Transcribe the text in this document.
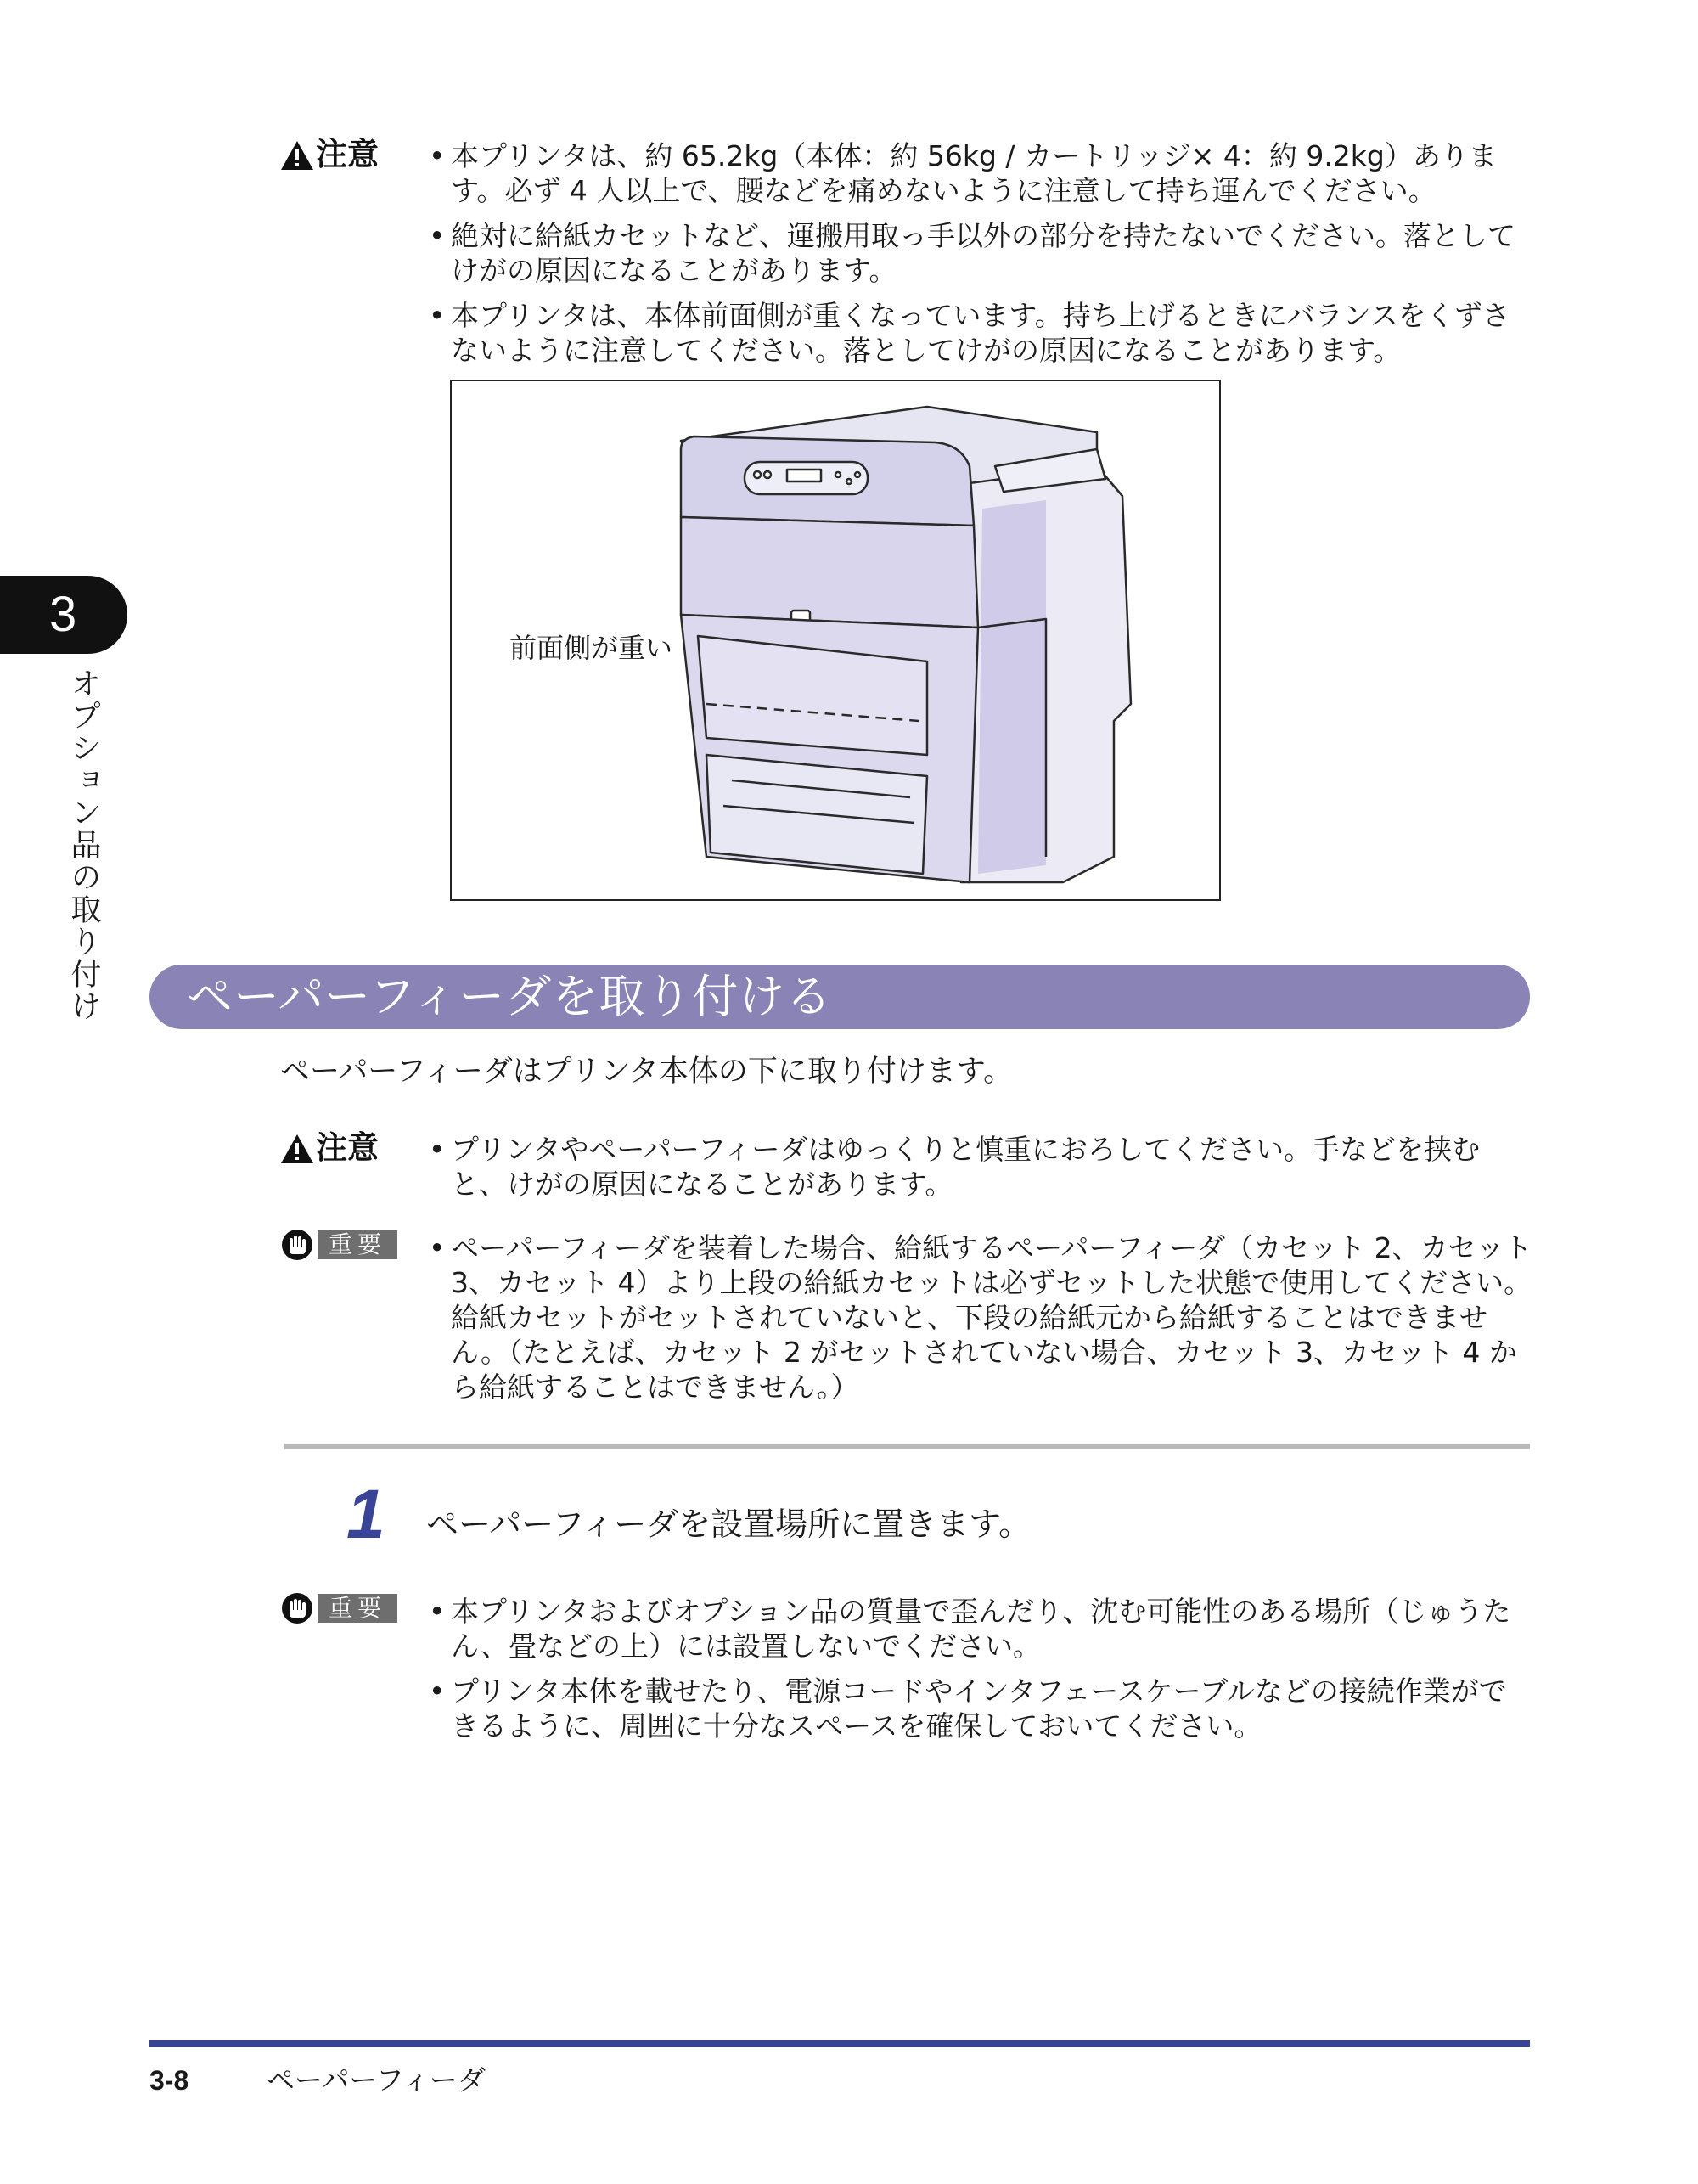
3
オプション品の取り付け
注意	• 本プリンタは、約 65.2kg（本体：約 56kg / カートリッジ× 4：約 9.2kg）あります。必ず 4 人以上で、腰などを痛めないように注意して持ち運んでください。
• 絶対に給紙カセットなど、運搬用取っ手以外の部分を持たないでください。落としてけがの原因になることがあります。
• 本プリンタは、本体前面側が重くなっています。持ち上げるときにバランスをくずさないように注意してください。落としてけがの原因になることがあります。
前面側が重い
ペーパーフィーダを取り付ける
ペーパーフィーダはプリンタ本体の下に取り付けます。
注意	• プリンタやペーパーフィーダはゆっくりと慎重におろしてください。手などを挟むと、けがの原因になることがあります。
重要	• ペーパーフィーダを装着した場合、給紙するペーパーフィーダ（カセット 2、カセット 3、カセット 4）より上段の給紙カセットは必ずセットした状態で使用してください。給紙カセットがセットされていないと、下段の給紙元から給紙することはできません。（たとえば、カセット 2 がセットされていない場合、カセット 3、カセット 4 から給紙することはできません。）
1 ペーパーフィーダを設置場所に置きます。
重要	• 本プリンタおよびオプション品の質量で歪んだり、沈む可能性のある場所（じゅうたん、畳などの上）には設置しないでください。
• プリンタ本体を載せたり、電源コードやインタフェースケーブルなどの接続作業ができるように、周囲に十分なスペースを確保しておいてください。
3-8	ペーパーフィーダ
